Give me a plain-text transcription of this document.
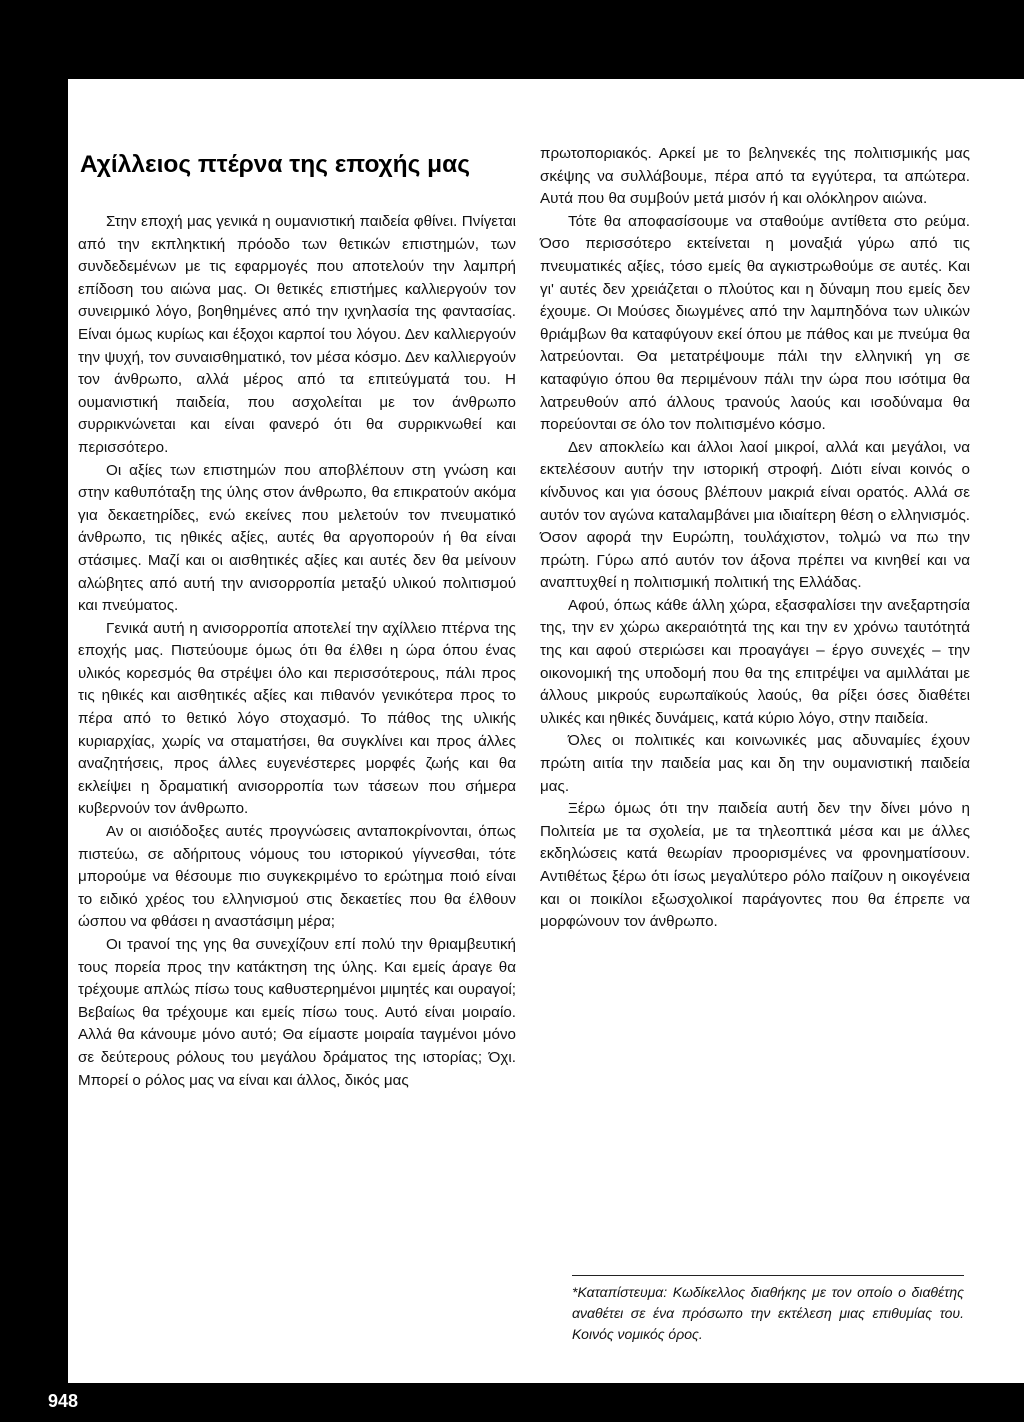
Αχίλλειος πτέρνα της εποχής μας

Στην εποχή μας γενικά η ουμανιστική παιδεία φθίνει. Πνίγεται από την εκπληκτική πρόοδο των θετικών επιστημών, των συνδεδεμένων με τις εφαρμογές που αποτελούν την λαμπρή επίδοση του αιώνα μας. Οι θετικές επιστήμες καλλιεργούν τον συνειρμικό λόγο, βοηθημένες από την ιχνηλασία της φαντασίας. Είναι όμως κυρίως και έξοχοι καρποί του λόγου. Δεν καλλιεργούν την ψυχή, τον συναισθηματικό, τον μέσα κόσμο. Δεν καλλιεργούν τον άνθρωπο, αλλά μέρος από τα επιτεύγματά του. Η ουμανιστική παιδεία, που ασχολείται με τον άνθρωπο συρρικνώνεται και είναι φανερό ότι θα συρρικνωθεί και περισσότερο.

Οι αξίες των επιστημών που αποβλέπουν στη γνώση και στην καθυπόταξη της ύλης στον άνθρωπο, θα επικρατούν ακόμα για δεκαετηρίδες, ενώ εκείνες που μελετούν τον πνευματικό άνθρωπο, τις ηθικές αξίες, αυτές θα αργοπορούν ή θα είναι στάσιμες. Μαζί και οι αισθητικές αξίες και αυτές δεν θα μείνουν αλώβητες από αυτή την ανισορροπία μεταξύ υλικού πολιτισμού και πνεύματος.

Γενικά αυτή η ανισορροπία αποτελεί την αχίλλειο πτέρνα της εποχής μας. Πιστεύουμε όμως ότι θα έλθει η ώρα όπου ένας υλικός κορεσμός θα στρέψει όλο και περισσότερους, πάλι προς τις ηθικές και αισθητικές αξίες και πιθανόν γενικότερα προς το πέρα από το θετικό λόγο στοχασμό. Το πάθος της υλικής κυριαρχίας, χωρίς να σταματήσει, θα συγκλίνει και προς άλλες αναζητήσεις, προς άλλες ευγενέστερες μορφές ζωής και θα εκλείψει η δραματική ανισορροπία των τάσεων που σήμερα κυβερνούν τον άνθρωπο.

Αν οι αισιόδοξες αυτές προγνώσεις ανταποκρίνονται, όπως πιστεύω, σε αδήριτους νόμους του ιστορικού γίγνεσθαι, τότε μπορούμε να θέσουμε πιο συγκεκριμένο το ερώτημα ποιό είναι το ειδικό χρέος του ελληνισμού στις δεκαετίες που θα έλθουν ώσπου να φθάσει η αναστάσιμη μέρα;

Οι τρανοί της γης θα συνεχίζουν επί πολύ την θριαμβευτική τους πορεία προς την κατάκτηση της ύλης. Και εμείς άραγε θα τρέχουμε απλώς πίσω τους καθυστερημένοι μιμητές και ουραγοί; Βεβαίως θα τρέχουμε και εμείς πίσω τους. Αυτό είναι μοιραίο. Αλλά θα κάνουμε μόνο αυτό; Θα είμαστε μοιραία ταγμένοι μόνο σε δεύτερους ρόλους του μεγάλου δράματος της ιστορίας; Όχι. Μπορεί ο ρόλος μας να είναι και άλλος, δικός μας

πρωτοποριακός. Αρκεί με το βεληνεκές της πολιτισμικής μας σκέψης να συλλάβουμε, πέρα από τα εγγύτερα, τα απώτερα. Αυτά που θα συμβούν μετά μισόν ή και ολόκληρον αιώνα.

Τότε θα αποφασίσουμε να σταθούμε αντίθετα στο ρεύμα. Όσο περισσότερο εκτείνεται η μοναξιά γύρω από τις πνευματικές αξίες, τόσο εμείς θα αγκιστρωθούμε σε αυτές. Και γι' αυτές δεν χρειάζεται ο πλούτος και η δύναμη που εμείς δεν έχουμε. Οι Μούσες διωγμένες από την λαμπηδόνα των υλικών θριάμβων θα καταφύγουν εκεί όπου με πάθος και με πνεύμα θα λατρεύονται. Θα μετατρέψουμε πάλι την ελληνική γη σε καταφύγιο όπου θα περιμένουν πάλι την ώρα που ισότιμα θα λατρευθούν από άλλους τρανούς λαούς και ισοδύναμα θα πορεύονται σε όλο τον πολιτισμένο κόσμο.

Δεν αποκλείω και άλλοι λαοί μικροί, αλλά και μεγάλοι, να εκτελέσουν αυτήν την ιστορική στροφή. Διότι είναι κοινός ο κίνδυνος και για όσους βλέπουν μακριά είναι ορατός. Αλλά σε αυτόν τον αγώνα καταλαμβάνει μια ιδιαίτερη θέση ο ελληνισμός. Όσον αφορά την Ευρώπη, τουλάχιστον, τολμώ να πω την πρώτη. Γύρω από αυτόν τον άξονα πρέπει να κινηθεί και να αναπτυχθεί η πολιτισμική πολιτική της Ελλάδας.

Αφού, όπως κάθε άλλη χώρα, εξασφαλίσει την ανεξαρτησία της, την εν χώρω ακεραιότητά της και την εν χρόνω ταυτότητά της και αφού στεριώσει και προαγάγει – έργο συνεχές – την οικονομική της υποδομή που θα της επιτρέψει να αμιλλάται με άλλους μικρούς ευρωπαϊκούς λαούς, θα ρίξει όσες διαθέτει υλικές και ηθικές δυνάμεις, κατά κύριο λόγο, στην παιδεία.

Όλες οι πολιτικές και κοινωνικές μας αδυναμίες έχουν πρώτη αιτία την παιδεία μας και δη την ουμανιστική παιδεία μας.

Ξέρω όμως ότι την παιδεία αυτή δεν την δίνει μόνο η Πολιτεία με τα σχολεία, με τα τηλεοπτικά μέσα και με άλλες εκδηλώσεις κατά θεωρίαν προορισμένες να φρονηματίσουν. Αντιθέτως ξέρω ότι ίσως μεγαλύτερο ρόλο παίζουν η οικογένεια και οι ποικίλοι εξωσχολικοί παράγοντες που θα έπρεπε να μορφώνουν τον άνθρωπο.

*Καταπίστευμα: Κωδίκελλος διαθήκης με τον οποίο ο διαθέτης αναθέτει σε ένα πρόσωπο την εκτέλεση μιας επιθυμίας του. Κοινός νομικός όρος.
948
